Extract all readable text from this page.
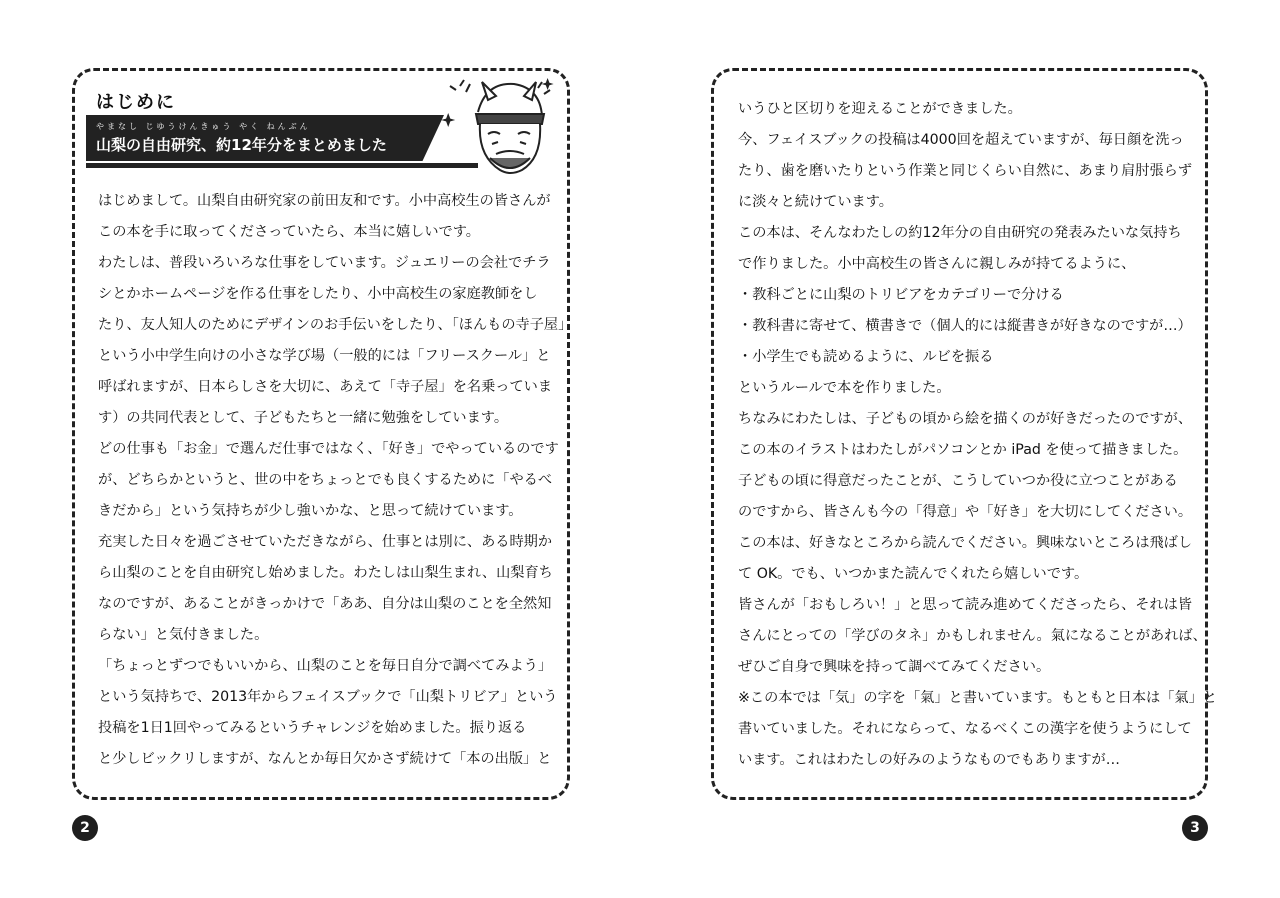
はじめに
やまなし じゆうけんきゅう やく ねんぶん
山梨の自由研究、約12年分をまとめました
はじめまして。山梨自由研究家の前田友和です。小中高校生の皆さんが
この本を手に取ってくださっていたら、本当に嬉しいです。
わたしは、普段いろいろな仕事をしています。ジュエリーの会社でチラ
シとかホームページを作る仕事をしたり、小中高校生の家庭教師をし
たり、友人知人のためにデザインのお手伝いをしたり、「ほんもの寺子屋」
という小中学生向けの小さな学び場（一般的には「フリースクール」と
呼ばれますが、日本らしさを大切に、あえて「寺子屋」を名乗っていま
す）の共同代表として、子どもたちと一緒に勉強をしています。
どの仕事も「お金」で選んだ仕事ではなく、「好き」でやっているのです
が、どちらかというと、世の中をちょっとでも良くするために「やるべ
きだから」という気持ちが少し強いかな、と思って続けています。
充実した日々を過ごさせていただきながら、仕事とは別に、ある時期か
ら山梨のことを自由研究し始めました。わたしは山梨生まれ、山梨育ち
なのですが、あることがきっかけで「ああ、自分は山梨のことを全然知
らない」と気付きました。
「ちょっとずつでもいいから、山梨のことを毎日自分で調べてみよう」
という気持ちで、2013年からフェイスブックで「山梨トリビア」という
投稿を1日1回やってみるというチャレンジを始めました。振り返る
と少しビックリしますが、なんとか毎日欠かさず続けて「本の出版」と
いうひと区切りを迎えることができました。
今、フェイスブックの投稿は4000回を超えていますが、毎日顔を洗っ
たり、歯を磨いたりという作業と同じくらい自然に、あまり肩肘張らず
に淡々と続けています。
この本は、そんなわたしの約12年分の自由研究の発表みたいな気持ち
で作りました。小中高校生の皆さんに親しみが持てるように、
・教科ごとに山梨のトリビアをカテゴリーで分ける
・教科書に寄せて、横書きで（個人的には縦書きが好きなのですが…）
・小学生でも読めるように、ルビを振る
というルールで本を作りました。
ちなみにわたしは、子どもの頃から絵を描くのが好きだったのですが、
この本のイラストはわたしがパソコンとか iPad を使って描きました。
子どもの頃に得意だったことが、こうしていつか役に立つことがある
のですから、皆さんも今の「得意」や「好き」を大切にしてください。
この本は、好きなところから読んでください。興味ないところは飛ばし
て OK。でも、いつかまた読んでくれたら嬉しいです。
皆さんが「おもしろい！」と思って読み進めてくださったら、それは皆
さんにとっての「学びのタネ」かもしれません。氣になることがあれば、
ぜひご自身で興味を持って調べてみてください。
※この本では「気」の字を「氣」と書いています。もともと日本は「氣」と
書いていました。それにならって、なるべくこの漢字を使うようにして
います。これはわたしの好みのようなものでもありますが…
2	3
